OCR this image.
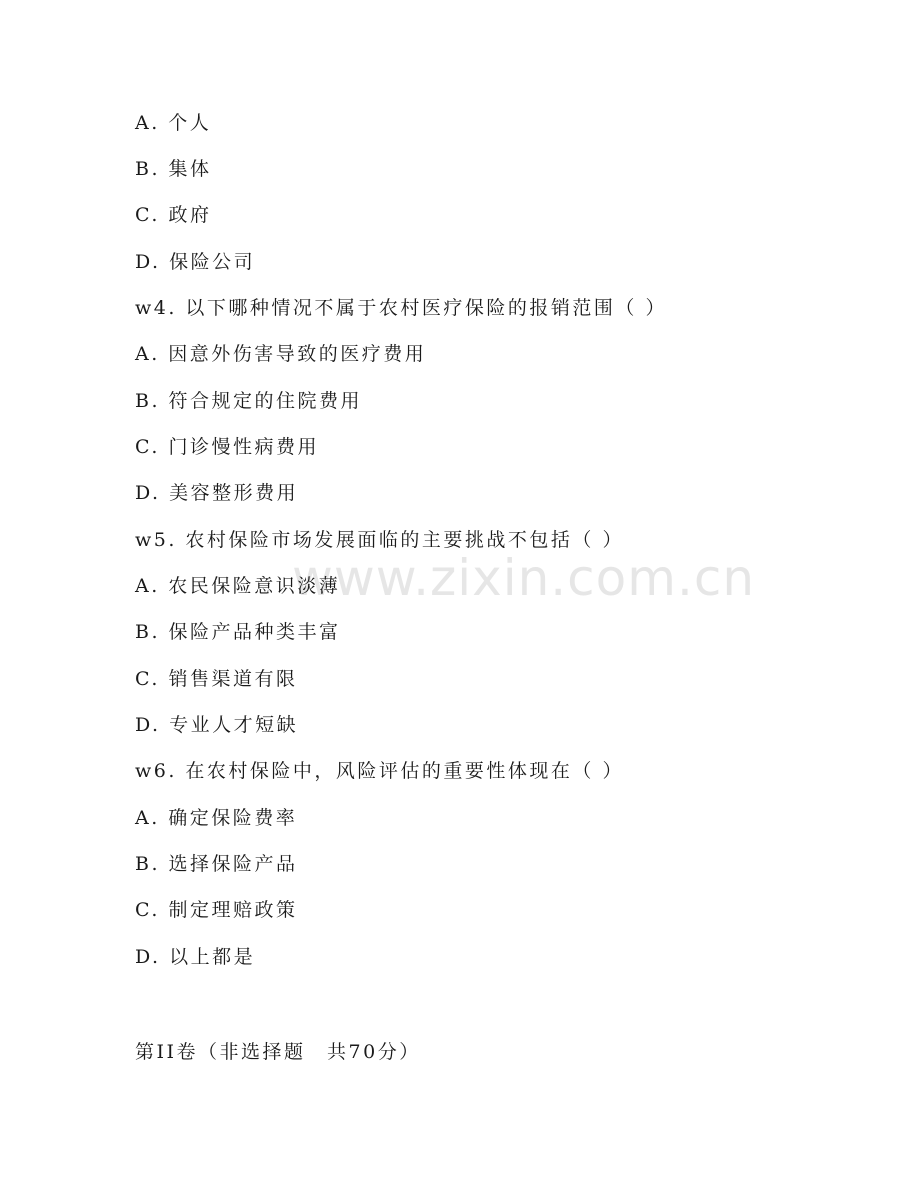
www.zixin.com.cn
A. 个人
B. 集体
C. 政府
D. 保险公司
w4. 以下哪种情况不属于农村医疗保险的报销范围（ ）
A. 因意外伤害导致的医疗费用
B. 符合规定的住院费用
C. 门诊慢性病费用
D. 美容整形费用
w5. 农村保险市场发展面临的主要挑战不包括（ ）
A. 农民保险意识淡薄
B. 保险产品种类丰富
C. 销售渠道有限
D. 专业人才短缺
w6. 在农村保险中，风险评估的重要性体现在（ ）
A. 确定保险费率
B. 选择保险产品
C. 制定理赔政策
D. 以上都是
第II卷（非选择题　共70分）
